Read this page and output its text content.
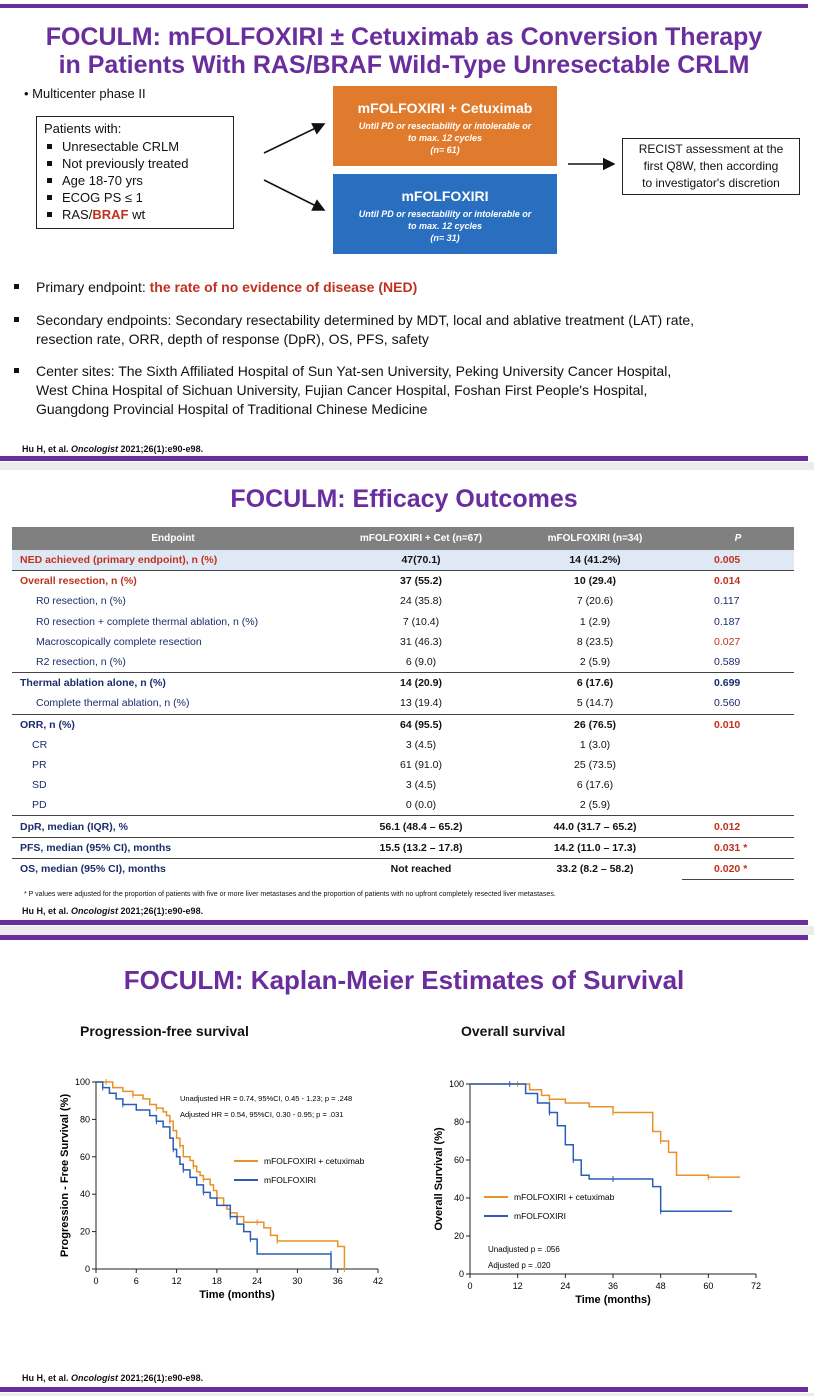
FOCULM: mFOLFOXIRI ± Cetuximab as Conversion Therapy
in Patients With RAS/BRAF Wild-Type Unresectable CRLM
• Multicenter phase II
Patients with:
Unresectable CRLM
Not previously treated
Age 18-70 yrs
ECOG PS ≤ 1
RAS/BRAF wt
mFOLFOXIRI + Cetuximab
Until PD or resectability or intolerable or
to max. 12 cycles
(n= 61)
mFOLFOXIRI
Until PD or resectability or intolerable or
to max. 12 cycles
(n= 31)
RECIST assessment at the
first Q8W, then according
to investigator's discretion
Primary endpoint: the rate of no evidence of disease (NED)
Secondary endpoints: Secondary resectability determined by MDT, local and ablative treatment (LAT) rate,
resection rate, ORR, depth of response (DpR), OS, PFS, safety
Center sites: The Sixth Affiliated Hospital of Sun Yat-sen University, Peking University Cancer Hospital,
West China Hospital of Sichuan University, Fujian Cancer Hospital, Foshan First People's Hospital,
Guangdong Provincial Hospital of Traditional Chinese Medicine
Hu H, et al. Oncologist 2021;26(1):e90-e98.
FOCULM: Efficacy Outcomes
Endpoint	mFOLFOXIRI + Cet (n=67)	mFOLFOXIRI (n=34)	P
NED achieved (primary endpoint), n (%)	47(70.1)	14 (41.2%)	0.005
Overall resection, n (%)	37 (55.2)	10 (29.4)	0.014
R0 resection, n (%)	24 (35.8)	7 (20.6)	0.117
R0 resection + complete thermal ablation, n (%)	7 (10.4)	1 (2.9)	0.187
Macroscopically complete resection	31 (46.3)	8 (23.5)	0.027
R2 resection, n (%)	6 (9.0)	2 (5.9)	0.589
Thermal ablation alone, n (%)	14 (20.9)	6 (17.6)	0.699
Complete thermal ablation, n (%)	13 (19.4)	5 (14.7)	0.560
ORR, n (%)	64 (95.5)	26 (76.5)	0.010
CR	3 (4.5)	1 (3.0)	
PR	61 (91.0)	25 (73.5)	
SD	3 (4.5)	6 (17.6)	
PD	0 (0.0)	2 (5.9)	
DpR, median (IQR), %	56.1 (48.4 – 65.2)	44.0 (31.7 – 65.2)	0.012
PFS, median (95% CI), months	15.5 (13.2 – 17.8)	14.2 (11.0 – 17.3)	0.031 *
OS, median (95% CI), months	Not reached	33.2 (8.2 – 58.2)	0.020 *
* P values were adjusted for the proportion of patients with five or more liver metastases and the proportion of patients with no upfront completely resected liver metastases.
Hu H, et al. Oncologist 2021;26(1):e90-e98.
FOCULM: Kaplan-Meier Estimates of Survival
Progression-free survival	Overall survival
0
20
40
60
80
100
0	6	12	18	24	30	36	42
Time (months)
Progression - Free Survival (%)	mFOLFOXIRI + cetuximab
mFOLFOXIRI
Unadjusted HR = 0.74, 95%CI, 0.45 - 1.23; p = .248
Adjusted HR = 0.54, 95%CI, 0.30 - 0.95; p = .031
0
20
40
60
80
100
0	12	24	36	48	60	72
Time (months)
Overall Survival (%)	mFOLFOXIRI + cetuximab
mFOLFOXIRI
Unadjusted p = .056
Adjusted p = .020
Hu H, et al. Oncologist 2021;26(1):e90-e98.
